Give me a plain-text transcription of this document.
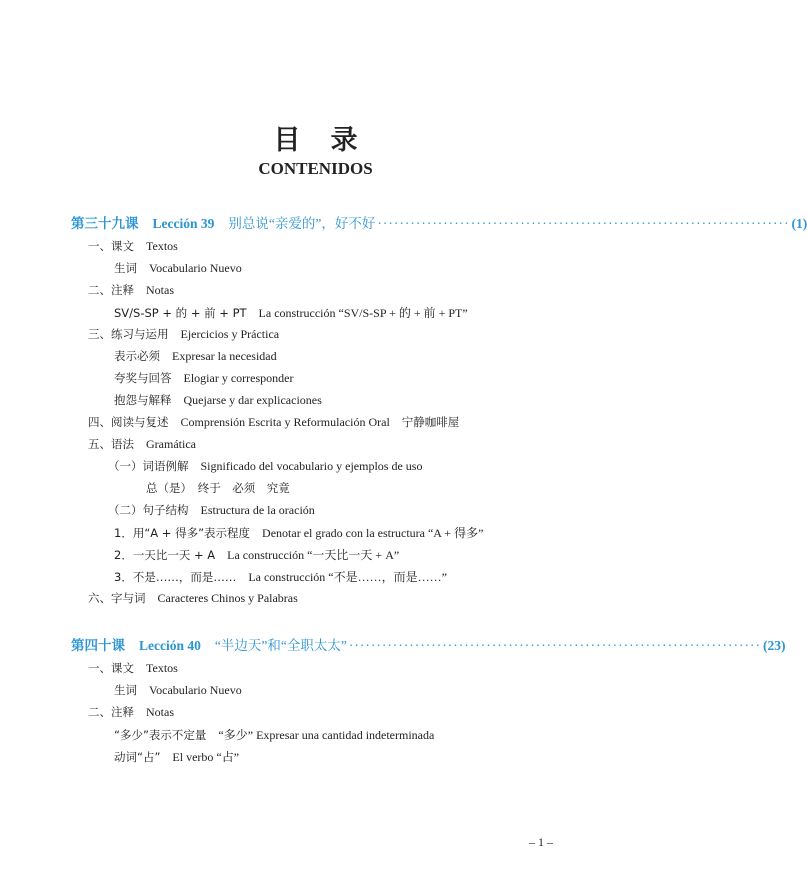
目录
CONTENIDOS
第三十九课 Lección 39 别总说“亲爱的”，好不好 ··········································································· (1)
一、课文 Textos
生词 Vocabulario Nuevo
二、注释 Notas
SV/S-SP + 的 + 前 + PT La construcción “SV/S-SP + 的 + 前 + PT”
三、练习与运用 Ejercicios y Práctica
表示必须 Expresar la necesidad
夸奖与回答 Elogiar y corresponder
抱怨与解释 Quejarse y dar explicaciones
四、阅读与复述 Comprensión Escrita y Reformulación Oral 宁静咖啡屋
五、语法 Gramática
（一）词语例解 Significado del vocabulario y ejemplos de uso
总（是）　终于　必须　究竟
（二）句子结构 Estructura de la oración
1．用“A + 得多”表示程度 Denotar el grado con la estructura “A + 得多”
2．一天比一天 + A La construcción “一天比一天 + A”
3．不是……，而是…… La construcción “不是……，而是……”
六、字与词 Caracteres Chinos y Palabras
第四十课 Lección 40 “半边天”和“全职太太” ··········································································· (23)
一、课文 Textos
生词 Vocabulario Nuevo
二、注释 Notas
“多少”表示不定量 “多少” Expresar una cantidad indeterminada
动词“占” El verbo “占”
– 1 –
